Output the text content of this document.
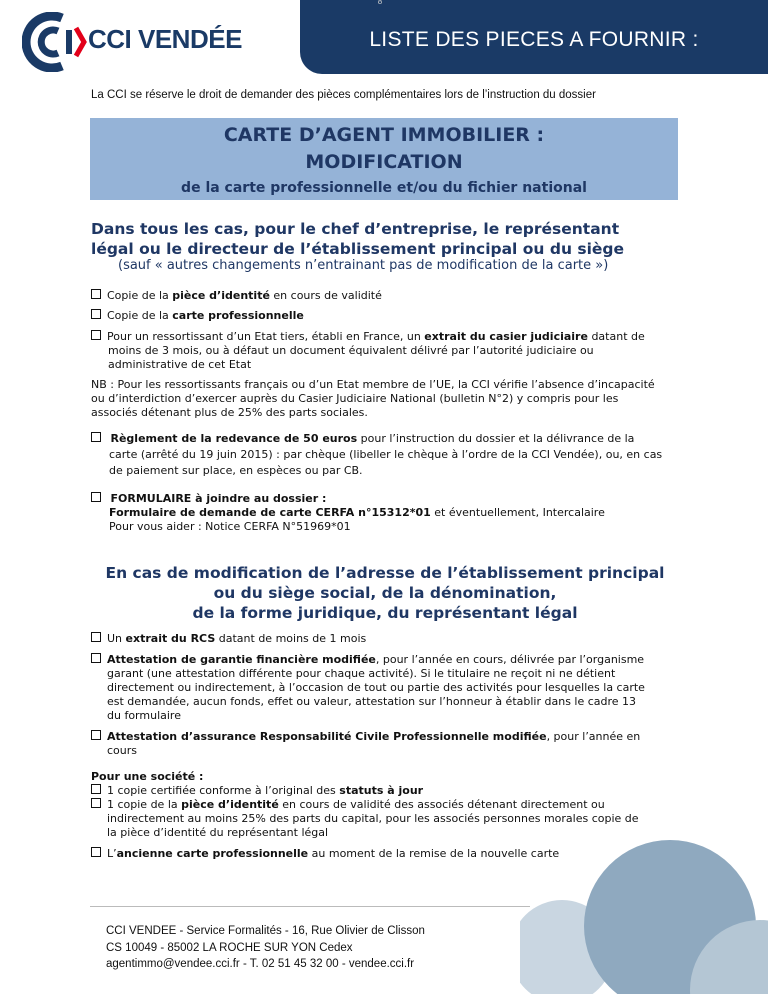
LISTE DES PIECES A FOURNIR :
8
CCI VENDÉE
La CCI se réserve le droit de demander des pièces complémentaires lors de l’instruction du dossier
CARTE D’AGENT IMMOBILIER :
MODIFICATION
de la carte professionnelle et/ou du fichier national
Dans tous les cas, pour le chef d’entreprise, le représentant
légal ou le directeur de l’établissement principal ou du siège
(sauf « autres changements n’entrainant pas de modification de la carte »)
Copie de la pièce d’identité en cours de validité
Copie de la carte professionnelle
Pour un ressortissant d’un Etat tiers, établi en France, un extrait du casier judiciaire datant de
moins de 3 mois, ou à défaut un document équivalent délivré par l’autorité judiciaire ou
administrative de cet Etat
NB : Pour les ressortissants français ou d’un Etat membre de l’UE, la CCI vérifie l’absence d’incapacité
ou d’interdiction d’exercer auprès du Casier Judiciaire National (bulletin N°2) y compris pour les
associés détenant plus de 25% des parts sociales.
Règlement de la redevance de 50 euros pour l’instruction du dossier et la délivrance de la
carte (arrêté du 19 juin 2015) : par chèque (libeller le chèque à l’ordre de la CCI Vendée), ou, en cas
de paiement sur place, en espèces ou par CB.
FORMULAIRE à joindre au dossier :
Formulaire de demande de carte CERFA n°15312*01 et éventuellement, Intercalaire
Pour vous aider : Notice CERFA N°51969*01
En cas de modification de l’adresse de l’établissement principal
ou du siège social, de la dénomination,
de la forme juridique, du représentant légal
Un extrait du RCS datant de moins de 1 mois
Attestation de garantie financière modifiée, pour l’année en cours, délivrée par l’organisme
garant (une attestation différente pour chaque activité). Si le titulaire ne reçoit ni ne détient
directement ou indirectement, à l’occasion de tout ou partie des activités pour lesquelles la carte
est demandée, aucun fonds, effet ou valeur, attestation sur l’honneur à établir dans le cadre 13
du formulaire
Attestation d’assurance Responsabilité Civile Professionnelle modifiée, pour l’année en
cours
Pour une société :
1 copie certifiée conforme à l’original des statuts à jour
1 copie de la pièce d’identité en cours de validité des associés détenant directement ou
indirectement au moins 25% des parts du capital, pour les associés personnes morales copie de
la pièce d’identité du représentant légal
L’ancienne carte professionnelle au moment de la remise de la nouvelle carte
CCI VENDEE - Service Formalités - 16, Rue Olivier de Clisson
CS 10049 - 85002 LA ROCHE SUR YON Cedex
agentimmo@vendee.cci.fr - T. 02 51 45 32 00 - vendee.cci.fr
